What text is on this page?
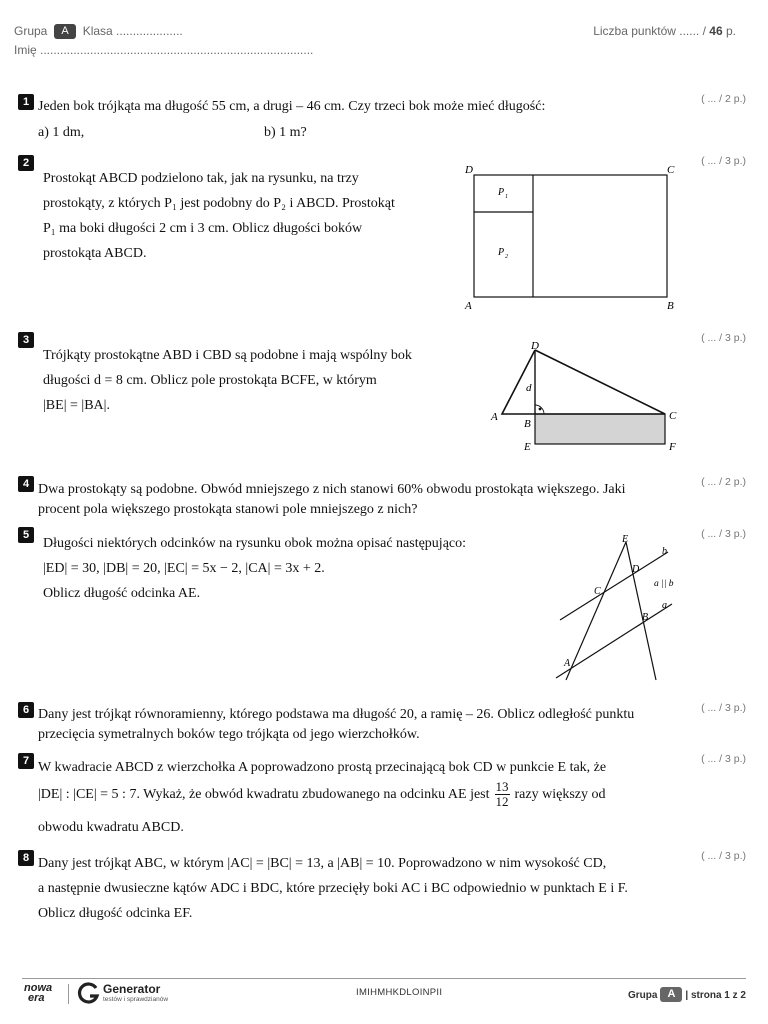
Grupa A Klasa ....................
Imię ..................................................................................
Liczba punktów ...... / 46 p.
1	( ... / 2 p.)
Jeden bok trójkąta ma długość 55 cm, a drugi – 46 cm. Czy trzeci bok może mieć długość:
a) 1 dm,	b) 1 m?
2	( ... / 3 p.)
Prostokąt ABCD podzielono tak, jak na rysunku, na trzy
prostokąty, z których P₁ jest podobny do P₂ i ABCD. Prostokąt
P₁ ma boki długości 2 cm i 3 cm. Oblicz długości boków
prostokąta ABCD.
D	C
A	B
P 1
P 2
3	( ... / 3 p.)
Trójkąty prostokątne ABD i CBD są podobne i mają wspólny bok
długości d = 8 cm. Oblicz pole prostokąta BCFE, w którym
|BE| = |BA|.
D
A
B
C
E	F
d
4	( ... / 2 p.)
Dwa prostokąty są podobne. Obwód mniejszego z nich stanowi 60% obwodu prostokąta większego. Jaki
procent pola większego prostokąta stanowi pole mniejszego z nich?
5	( ... / 3 p.)
Długości niektórych odcinków na rysunku obok można opisać następująco:
|ED| = 30, |DB| = 20, |EC| = 5x − 2, |CA| = 3x + 2.
Oblicz długość odcinka AE.
E
D
C
B
A
b
a
a || b
6	( ... / 3 p.)
Dany jest trójkąt równoramienny, którego podstawa ma długość 20, a ramię – 26. Oblicz odległość punktu
przecięcia symetralnych boków tego trójkąta od jego wierzchołków.
7	( ... / 3 p.)
W kwadracie ABCD z wierzchołka A poprowadzono prostą przecinającą bok CD w punkcie E tak, że
|DE| : |CE| = 5 : 7. Wykaż, że obwód kwadratu zbudowanego na odcinku AE jest $\frac{13}{12}$ razy większy od
obwodu kwadratu ABCD.
8	( ... / 3 p.)
Dany jest trójkąt ABC, w którym |AC| = |BC| = 13, a |AB| = 10. Poprowadzono w nim wysokość CD,
a następnie dwusieczne kątów ADC i BDC, które przecięły boki AC i BC odpowiednio w punktach E i F.
Oblicz długość odcinka EF.
nowa
era
Generator
testów i sprawdzianów
IMIHMHKDLOINPII	Grupa A | strona 1 z 2
